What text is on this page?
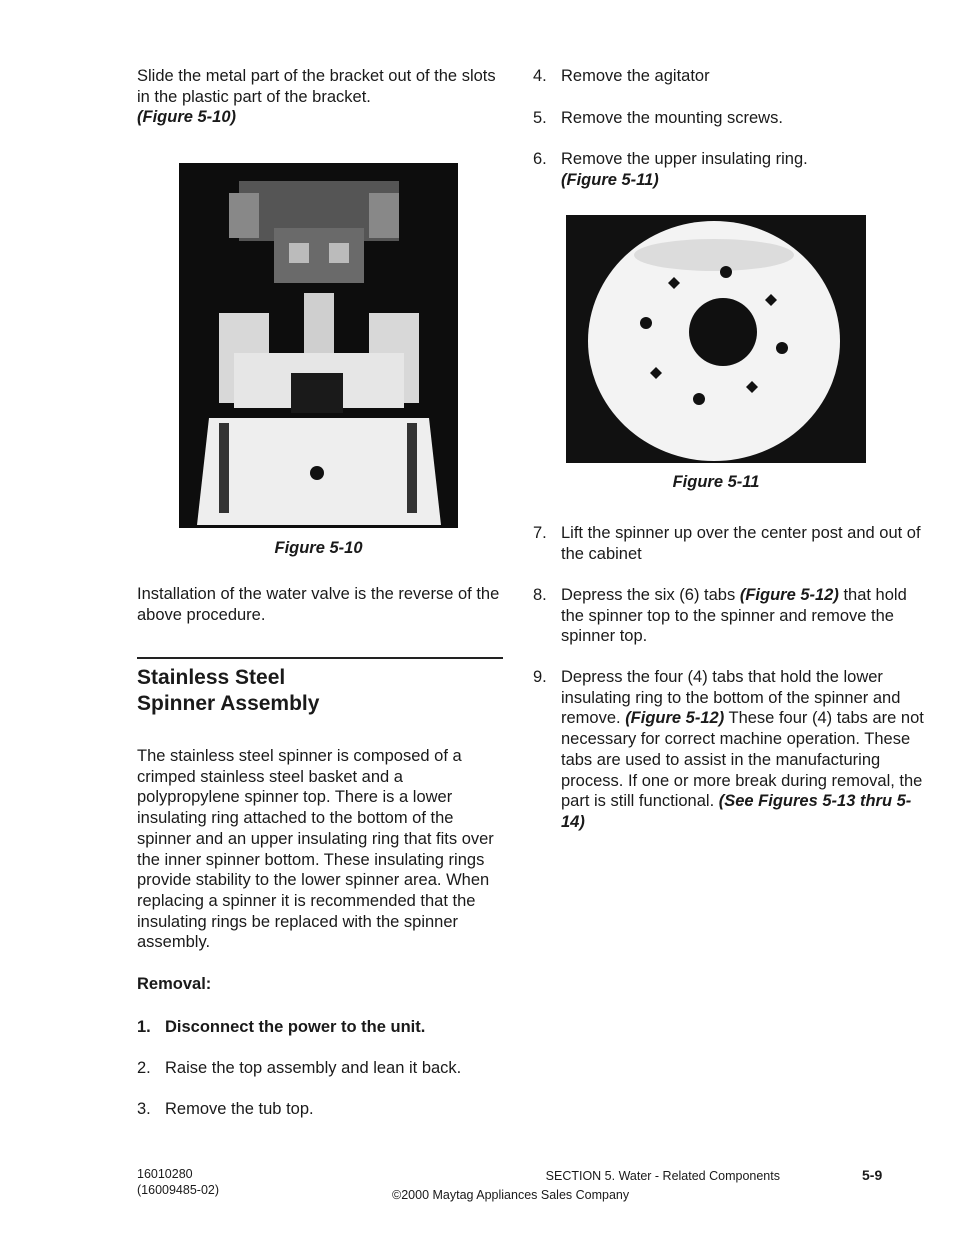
Slide the metal part of the bracket out of the slots in the plastic part of the bracket.
(Figure 5-10)

Figure 5-10

Installation of the water valve is the reverse of the above procedure.

Stainless Steel
Spinner Assembly

The stainless steel spinner is composed of a crimped stainless steel basket and a polypropylene spinner top. There is a lower insulating ring attached to the bottom of the spinner and an upper insulating ring that fits over the inner spinner bottom. These insulating rings provide stability to the lower spinner area. When replacing a spinner it is recommended that the insulating rings be replaced with the spinner assembly.

Removal:

1. Disconnect the power to the unit.
2. Raise the top assembly and lean it back.
3. Remove the tub top.
4. Remove the agitator
5. Remove the mounting screws.
6. Remove the upper insulating ring.
(Figure 5-11)
Figure 5-11
7. Lift the spinner up over the center post and out of the cabinet
8. Depress the six (6) tabs (Figure 5-12) that hold the spinner top to the spinner and remove the spinner top.
9. Depress the four (4) tabs that hold the lower insulating ring to the bottom of the spinner and remove. (Figure 5-12) These four (4) tabs are not necessary for correct machine operation. These tabs are used to assist in the manufacturing process. If one or more break during removal, the part is still functional. (See Figures 5-13 thru 5-14)
16010280
(16009485-02)
SECTION 5. Water - Related Components
©2000 Maytag Appliances Sales Company
5-9
